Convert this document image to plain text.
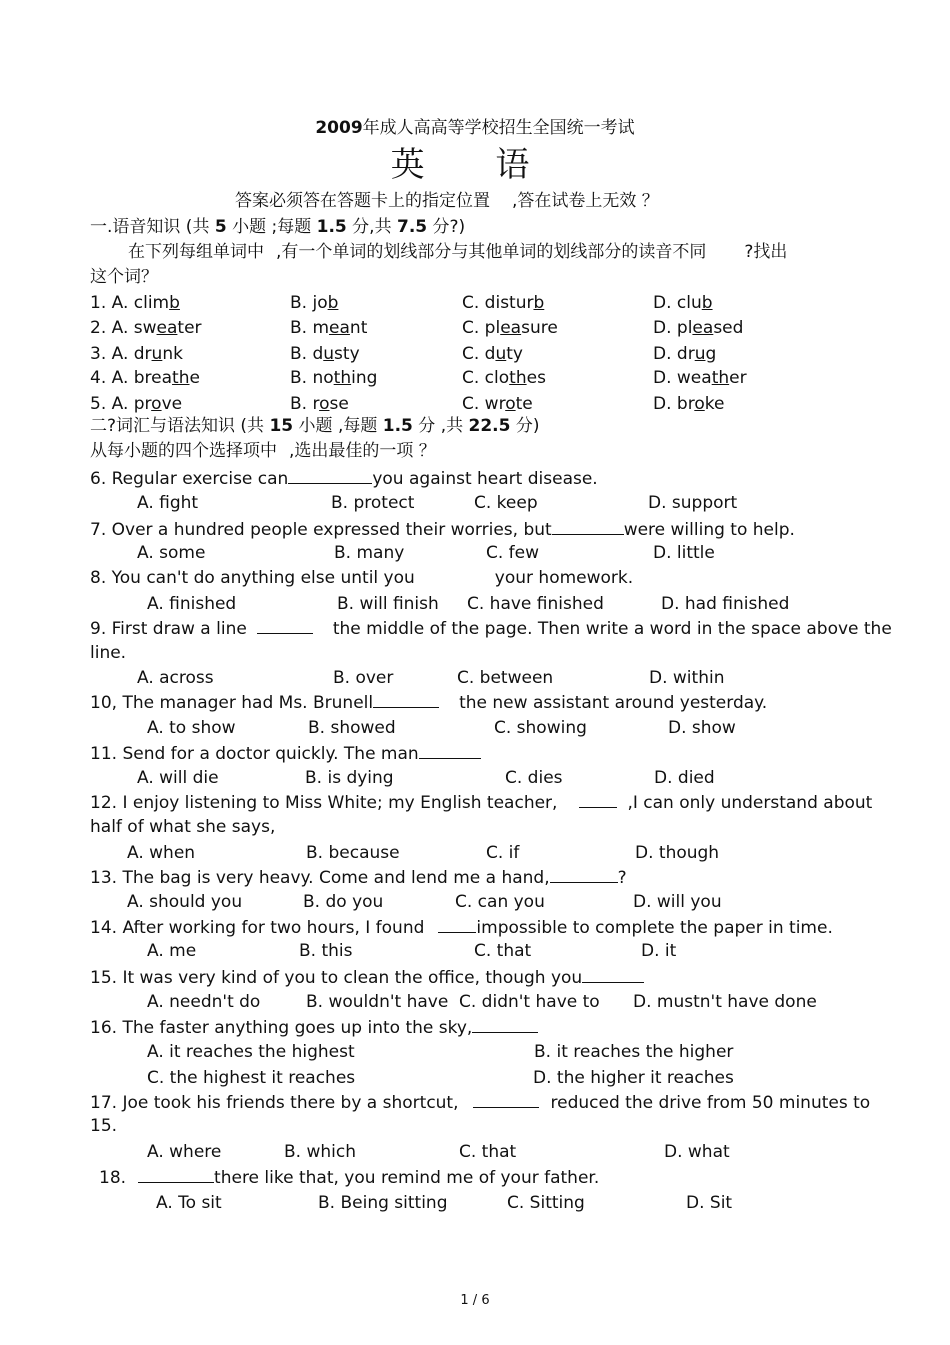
2009年成人高高等学校招生全国统一考试
英 语
答案必须答在答题卡上的指定位置 ,答在试卷上无效 ？
一.语音知识 (共 5 小题 ;每题 1.5 分,共 7.5 分?)
在下列每组单词中 ,有一个单词的划线部分与其他单词的划线部分的读音不同 ?找出
这个词？
1. A. climb	B. job	C. disturb	D. club
2. A. sweater	B. meant	C. pleasure	D. pleased
3. A. drunk	B. dusty	C. duty	D. drug
4. A. breathe	B. nothing	C. clothes	D. weather
5. A. prove	B. rose	C. wrote	D. broke
二?词汇与语法知识 (共 15 小题 ,每题 1.5 分 ,共 22.5 分)
从每小题的四个选择项中 ,选出最佳的一项 ？
6. Regular exercise can	you against heart disease.
A. fight	B. protect	C. keep	D. support
7. Over a hundred people expressed their worries, but	were willing to help.
A. some	B. many	C. few	D. little
8. You can't do anything else until you	your homework.
A. finished	B. will finish C. have finished	D. had finished
9. First draw a line	the middle of the page. Then write a word in the space above the
line.
A. across	B. over	C. between	D. within
10, The manager had Ms. Brunell	the new assistant around yesterday.
A. to show	B. showed	C. showing	D. show
11. Send for a doctor quickly. The man
A. will die	B. is dying	C. dies	D. died
12. I enjoy listening to Miss White; my English teacher,	,I can only understand about
half of what she says,
A. when	B. because	C. if	D. though
13. The bag is very heavy. Come and lend me a hand,	?
A. should you	B. do you	C. can you	D. will you
14. After working for two hours, I found	impossible to complete the paper in time.
A. me	B. this	C. that	D. it
15. It was very kind of you to clean the office, though you
A. needn't do	B. wouldn't have C. didn't have to D. mustn't have done
16. The faster anything goes up into the sky,
A. it reaches the highest	B. it reaches the higher
C. the highest it reaches	D. the higher it reaches
17. Joe took his friends there by a shortcut,	reduced the drive from 50 minutes to
15.
A. where	B. which	C. that	D. what
18.	there like that, you remind me of your father.
A. To sit	B. Being sitting	C. Sitting	D. Sit
1 / 6
